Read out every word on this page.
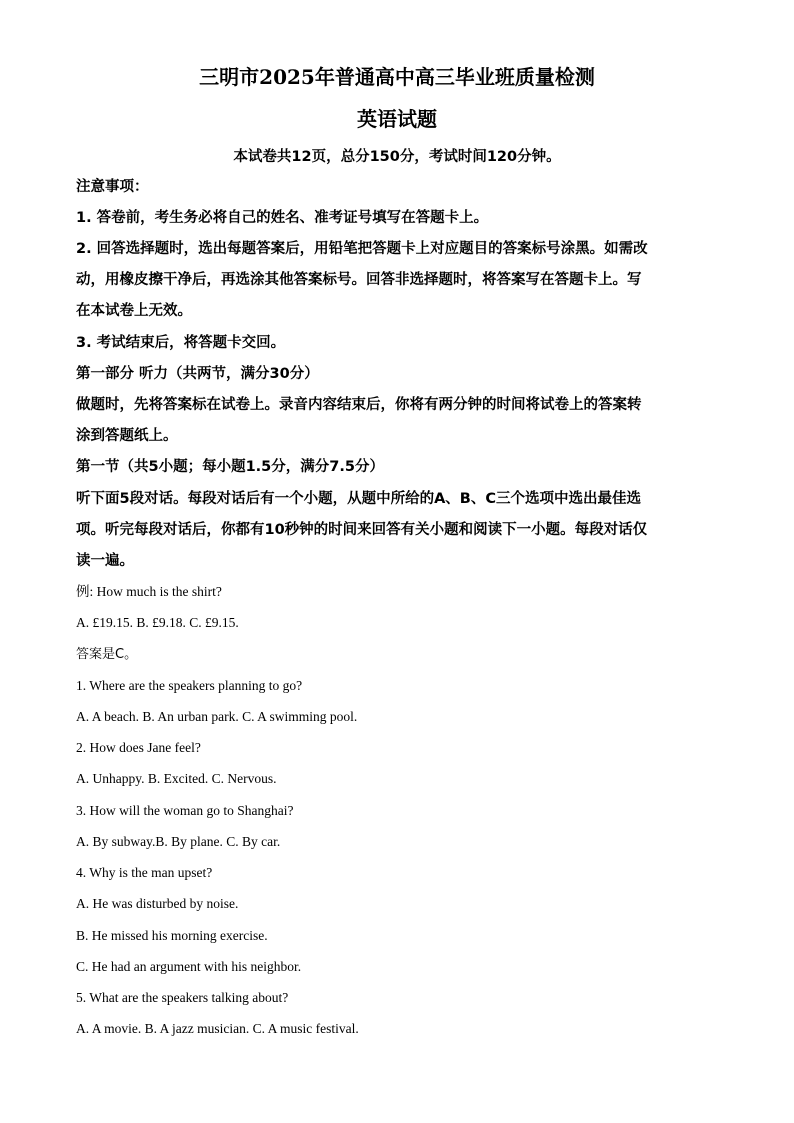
三明市2025年普通高中高三毕业班质量检测
英语试题
本试卷共12页，总分150分，考试时间120分钟。
注意事项：
1. 答卷前，考生务必将自己的姓名、准考证号填写在答题卡上。
2. 回答选择题时，选出每题答案后，用铅笔把答题卡上对应题目的答案标号涂黑。如需改
动，用橡皮擦干净后，再选涂其他答案标号。回答非选择题时，将答案写在答题卡上。写
在本试卷上无效。
3. 考试结束后，将答题卡交回。
第一部分 听力（共两节，满分30分）
做题时，先将答案标在试卷上。录音内容结束后，你将有两分钟的时间将试卷上的答案转
涂到答题纸上。
第一节（共5小题；每小题1.5分，满分7.5分）
听下面5段对话。每段对话后有一个小题，从题中所给的A、B、C三个选项中选出最佳选
项。听完每段对话后，你都有10秒钟的时间来回答有关小题和阅读下一小题。每段对话仅
读一遍。
例: How much is the shirt?
A. £19.15. B. £9.18. C. £9.15.
答案是C。
1. Where are the speakers planning to go?
A. A beach. B. An urban park. C. A swimming pool.
2. How does Jane feel?
A. Unhappy. B. Excited. C. Nervous.
3. How will the woman go to Shanghai?
A. By subway.B. By plane. C. By car.
4. Why is the man upset?
A. He was disturbed by noise.
B. He missed his morning exercise.
C. He had an argument with his neighbor.
5. What are the speakers talking about?
A. A movie. B. A jazz musician. C. A music festival.
